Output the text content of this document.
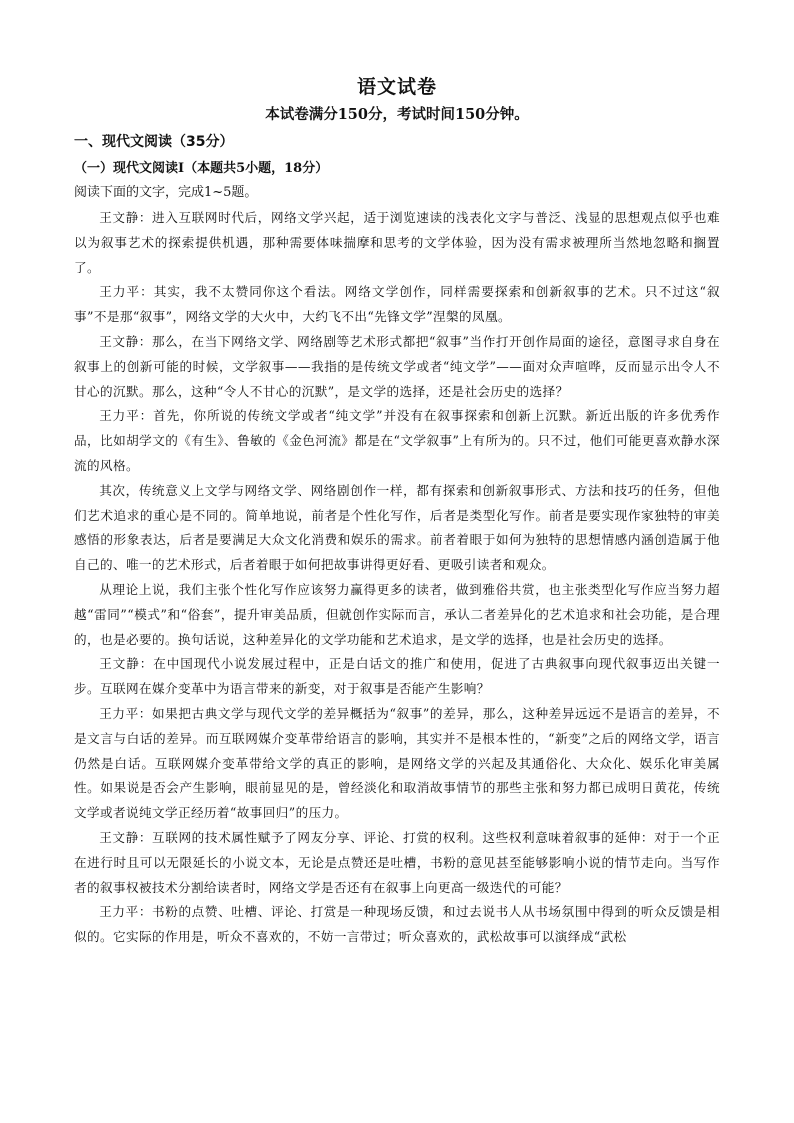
语文试卷
本试卷满分150分，考试时间150分钟。
一、现代文阅读（35分）
（一）现代文阅读Ⅰ（本题共5小题，18分）
阅读下面的文字，完成1~5题。

王文静：进入互联网时代后，网络文学兴起，适于浏览速读的浅表化文字与普泛、浅显的思想观点似乎也难以为叙事艺术的探索提供机遇，那种需要体味揣摩和思考的文学体验，因为没有需求被理所当然地忽略和搁置了。

王力平：其实，我不太赞同你这个看法。网络文学创作，同样需要探索和创新叙事的艺术。只不过这“叙事”不是那“叙事”，网络文学的大火中，大约飞不出“先锋文学”涅槃的凤凰。

王文静：那么，在当下网络文学、网络剧等艺术形式都把“叙事”当作打开创作局面的途径，意图寻求自身在叙事上的创新可能的时候，文学叙事——我指的是传统文学或者“纯文学”——面对众声喧哗，反而显示出令人不甘心的沉默。那么，这种“令人不甘心的沉默”，是文学的选择，还是社会历史的选择？

王力平：首先，你所说的传统文学或者“纯文学”并没有在叙事探索和创新上沉默。新近出版的许多优秀作品，比如胡学文的《有生》、鲁敏的《金色河流》都是在“文学叙事”上有所为的。只不过，他们可能更喜欢静水深流的风格。

其次，传统意义上文学与网络文学、网络剧创作一样，都有探索和创新叙事形式、方法和技巧的任务，但他们艺术追求的重心是不同的。简单地说，前者是个性化写作，后者是类型化写作。前者是要实现作家独特的审美感悟的形象表达，后者是要满足大众文化消费和娱乐的需求。前者着眼于如何为独特的思想情感内涵创造属于他自己的、唯一的艺术形式，后者着眼于如何把故事讲得更好看、更吸引读者和观众。

从理论上说，我们主张个性化写作应该努力赢得更多的读者，做到雅俗共赏，也主张类型化写作应当努力超越“雷同”“模式”和“俗套”，提升审美品质，但就创作实际而言，承认二者差异化的艺术追求和社会功能，是合理的，也是必要的。换句话说，这种差异化的文学功能和艺术追求，是文学的选择，也是社会历史的选择。

王文静：在中国现代小说发展过程中，正是白话文的推广和使用，促进了古典叙事向现代叙事迈出关键一步。互联网在媒介变革中为语言带来的新变，对于叙事是否能产生影响？

王力平：如果把古典文学与现代文学的差异概括为“叙事”的差异，那么，这种差异远远不是语言的差异，不是文言与白话的差异。而互联网媒介变革带给语言的影响，其实并不是根本性的，“新变”之后的网络文学，语言仍然是白话。互联网媒介变革带给文学的真正的影响，是网络文学的兴起及其通俗化、大众化、娱乐化审美属性。如果说是否会产生影响，眼前显见的是，曾经淡化和取消故事情节的那些主张和努力都已成明日黄花，传统文学或者说纯文学正经历着“故事回归”的压力。

王文静：互联网的技术属性赋予了网友分享、评论、打赏的权利。这些权利意味着叙事的延伸：对于一个正在进行时且可以无限延长的小说文本，无论是点赞还是吐槽，书粉的意见甚至能够影响小说的情节走向。当写作者的叙事权被技术分割给读者时，网络文学是否还有在叙事上向更高一级迭代的可能？

王力平：书粉的点赞、吐槽、评论、打赏是一种现场反馈，和过去说书人从书场氛围中得到的听众反馈是相似的。它实际的作用是，听众不喜欢的，不妨一言带过；听众喜欢的，武松故事可以演绎成“武松
